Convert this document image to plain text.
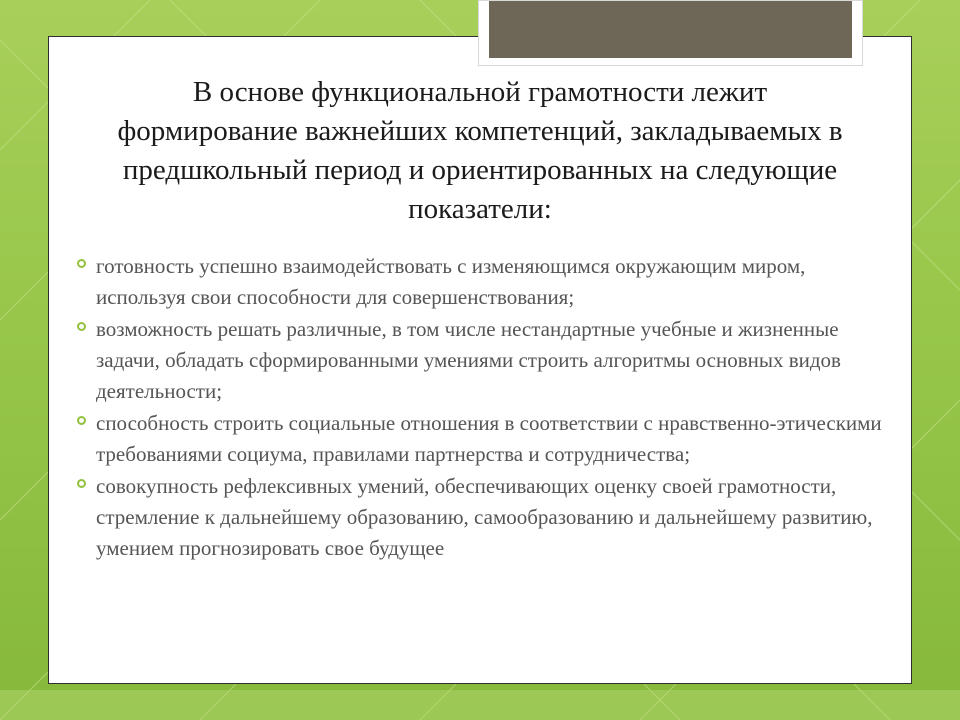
В основе функциональной грамотности лежит формирование важнейших компетенций, закладываемых в предшкольный период и ориентированных на следующие показатели:
готовность успешно взаимодействовать с изменяющимся окружающим миром, используя свои способности для совершенствования;
возможность решать различные, в том числе нестандартные учебные и жизненные задачи, обладать сформированными умениями строить алгоритмы основных видов деятельности;
способность строить социальные отношения в соответствии с нравственно-этическими требованиями социума, правилами партнерства и сотрудничества;
совокупность рефлексивных умений, обеспечивающих оценку своей грамотности, стремление к дальнейшему образованию, самообразованию и дальнейшему развитию, умением прогнозировать свое будущее
